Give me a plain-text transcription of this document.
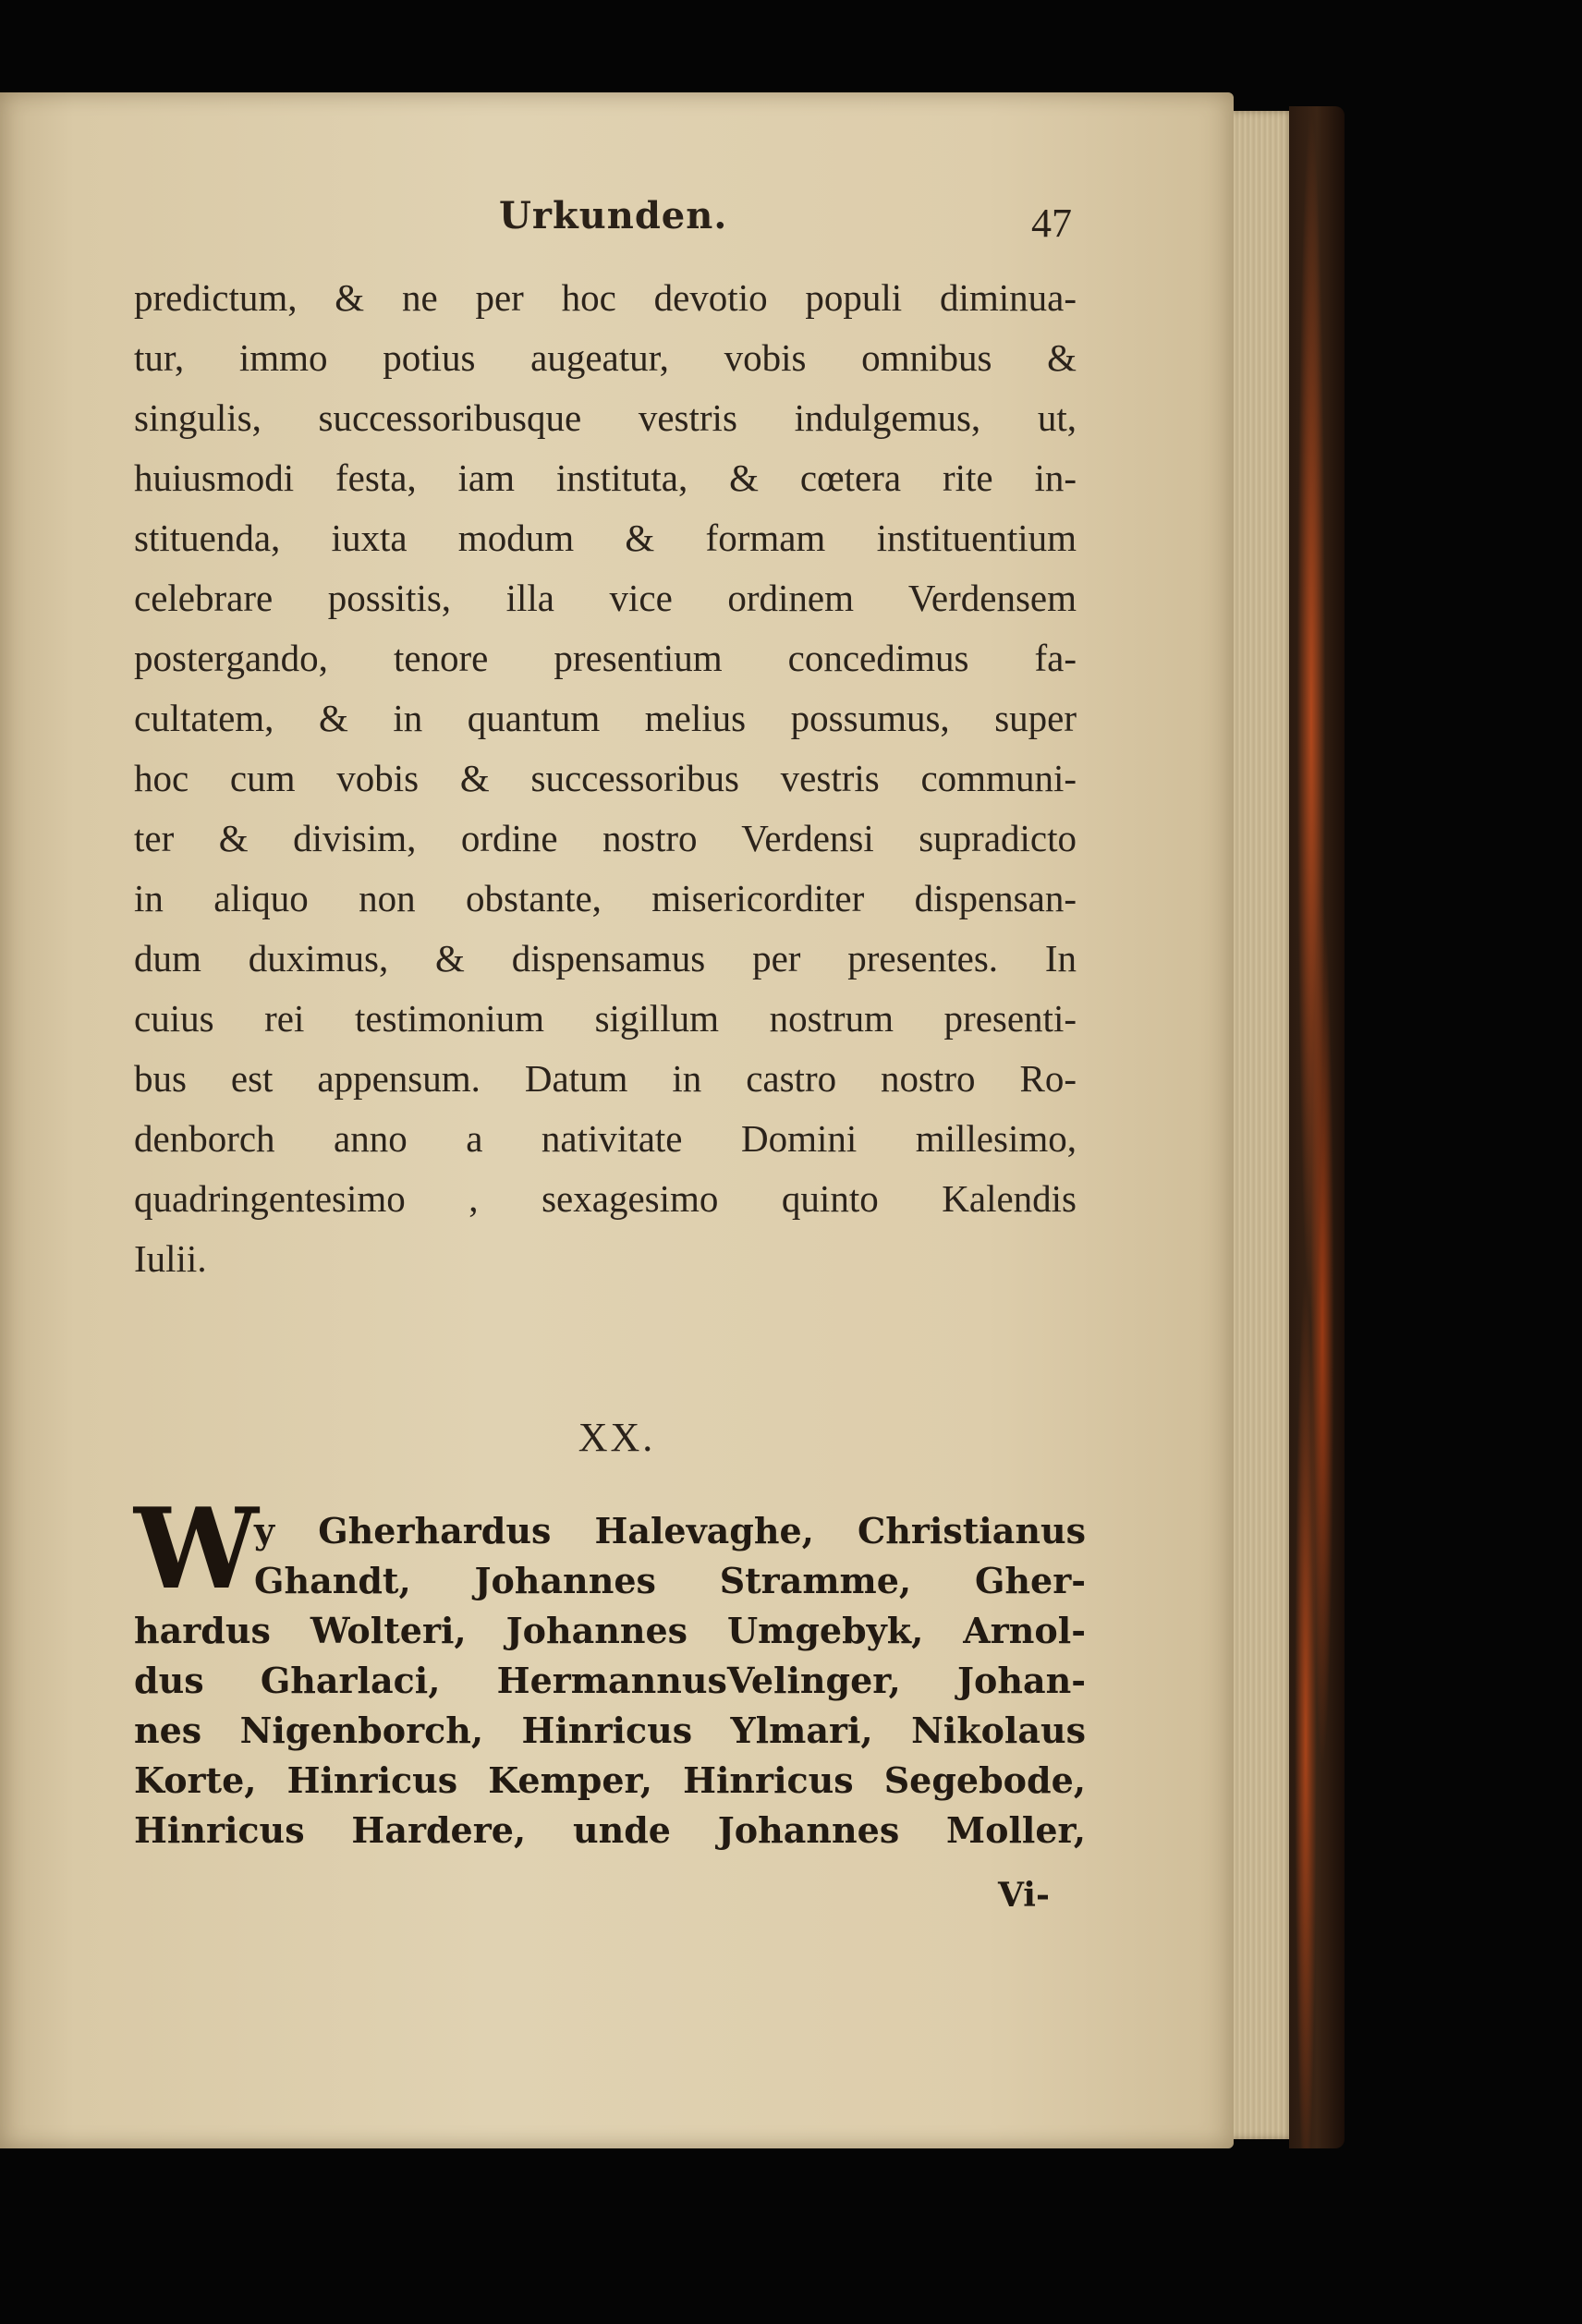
Urkunden.	47
predictum, & ne per hoc devotio populi diminua-
tur, immo potius augeatur, vobis omnibus &
singulis, successoribusque vestris indulgemus, ut,
huiusmodi festa, iam instituta, & cœtera rite in-
stituenda, iuxta modum & formam instituentium
celebrare possitis, illa vice ordinem Verdensem
postergando, tenore presentium concedimus fa-
cultatem, & in quantum melius possumus, super
hoc cum vobis & successoribus vestris communi-
ter & divisim, ordine nostro Verdensi supradicto
in aliquo non obstante, misericorditer dispensan-
dum duximus, & dispensamus per presentes. In
cuius rei testimonium sigillum nostrum presenti-
bus est appensum. Datum in castro nostro Ro-
denborch anno a nativitate Domini millesimo,
quadringentesimo , sexagesimo quinto Kalendis
Iulii.
XX.
W
y Gherhardus Halevaghe, Christianus
Ghandt, Johannes Stramme, Gher-
hardus Wolteri, Johannes Umgebyk, Arnol-
dus Gharlaci, HermannusVelinger, Johan-
nes Nigenborch, Hinricus Ylmari, Nikolaus
Korte, Hinricus Kemper, Hinricus Segebode,
Hinricus Hardere, unde Johannes Moller,
Vi-
